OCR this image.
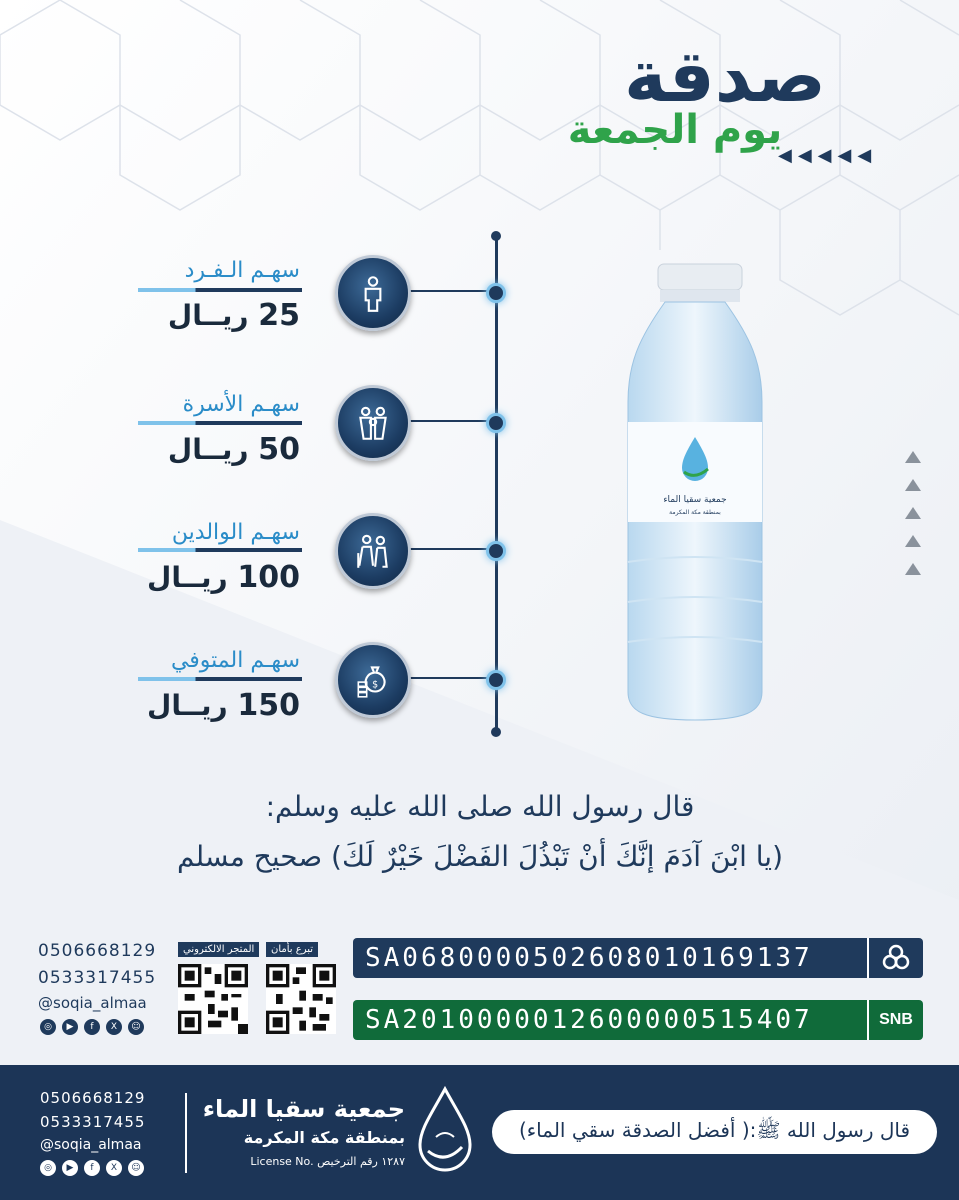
صدقة
يوم الجمعة
◀◀◀◀◀
سهـم الـفـرد
25 ريــال
سهـم الأسرة
50 ريــال
سهـم الوالدين
100 ريــال
$
سهـم المتوفي
150 ريــال
جمعية سقيا الماء
بمنطقة مكة المكرمة
قال رسول الله صلى الله عليه وسلم:
(يا ابْنَ آدَمَ إنَّكَ أنْ تَبْذُلَ الفَضْلَ خَيْرٌ لَكَ) صحيح مسلم
0506668129
0533317455
@soqia_almaa
◎	▶	f	X	☺
المتجر الالكتروني	تبرع بأمان	SA0680000502608010169137
SA2010000012600000515407	SNB
0506668129
0533317455
@soqia_almaa
◎	▶	f	X	☺
جمعية سقيا الماء
بمنطقة مكة المكرمة
License No. ١٢٨٧ رقم الترخيص
قال رسول الله ﷺ:( أفضل الصدقة سقي الماء)
